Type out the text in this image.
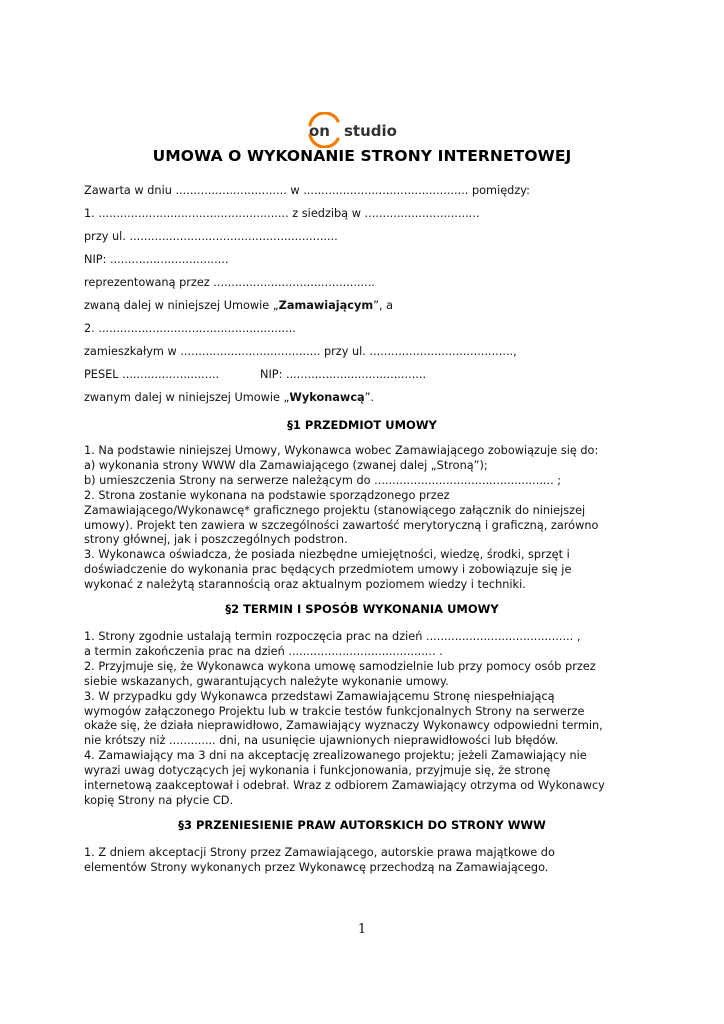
on studio
UMOWA O WYKONANIE STRONY INTERNETOWEJ
Zawarta w dniu ............................... w .............................................. pomiędzy:
1. ..................................................... z siedzibą w ................................
przy ul. ..........................................................
NIP: .................................
reprezentowaną przez .............................................
zwaną dalej w niniejszej Umowie „Zamawiającym”, a
2. .......................................................
zamieszkałym w ....................................... przy ul. ........................................,
PESEL ...........................	NIP: .......................................
zwanym dalej w niniejszej Umowie „Wykonawcą”.
§1 PRZEDMIOT UMOWY
1. Na podstawie niniejszej Umowy, Wykonawca wobec Zamawiającego zobowiązuje się do:
a) wykonania strony WWW dla Zamawiającego (zwanej dalej „Stroną”);
b) umieszczenia Strony na serwerze należącym do .................................................. ;
2. Strona zostanie wykonana na podstawie sporządzonego przez
Zamawiającego/Wykonawcę* graficznego projektu (stanowiącego załącznik do niniejszej
umowy). Projekt ten zawiera w szczególności zawartość merytoryczną i graficzną, zarówno
strony głównej, jak i poszczególnych podstron.
3. Wykonawca oświadcza, że posiada niezbędne umiejętności, wiedzę, środki, sprzęt i
doświadczenie do wykonania prac będących przedmiotem umowy i zobowiązuje się je
wykonać z należytą starannością oraz aktualnym poziomem wiedzy i techniki.
§2 TERMIN I SPOSÓB WYKONANIA UMOWY
1. Strony zgodnie ustalają termin rozpoczęcia prac na dzień ......................................... ,
a termin zakończenia prac na dzień ......................................... .
2. Przyjmuje się, że Wykonawca wykona umowę samodzielnie lub przy pomocy osób przez
siebie wskazanych, gwarantujących należyte wykonanie umowy.
3. W przypadku gdy Wykonawca przedstawi Zamawiającemu Stronę niespełniającą
wymogów załączonego Projektu lub w trakcie testów funkcjonalnych Strony na serwerze
okaże się, że działa nieprawidłowo, Zamawiający wyznaczy Wykonawcy odpowiedni termin,
nie krótszy niż ............. dni, na usunięcie ujawnionych nieprawidłowości lub błędów.
4. Zamawiający ma 3 dni na akceptację zrealizowanego projektu; jeżeli Zamawiający nie
wyrazi uwag dotyczących jej wykonania i funkcjonowania, przyjmuje się, że stronę
internetową zaakceptował i odebrał. Wraz z odbiorem Zamawiający otrzyma od Wykonawcy
kopię Strony na płycie CD.
§3 PRZENIESIENIE PRAW AUTORSKICH DO STRONY WWW
1. Z dniem akceptacji Strony przez Zamawiającego, autorskie prawa majątkowe do
elementów Strony wykonanych przez Wykonawcę przechodzą na Zamawiającego.
1
